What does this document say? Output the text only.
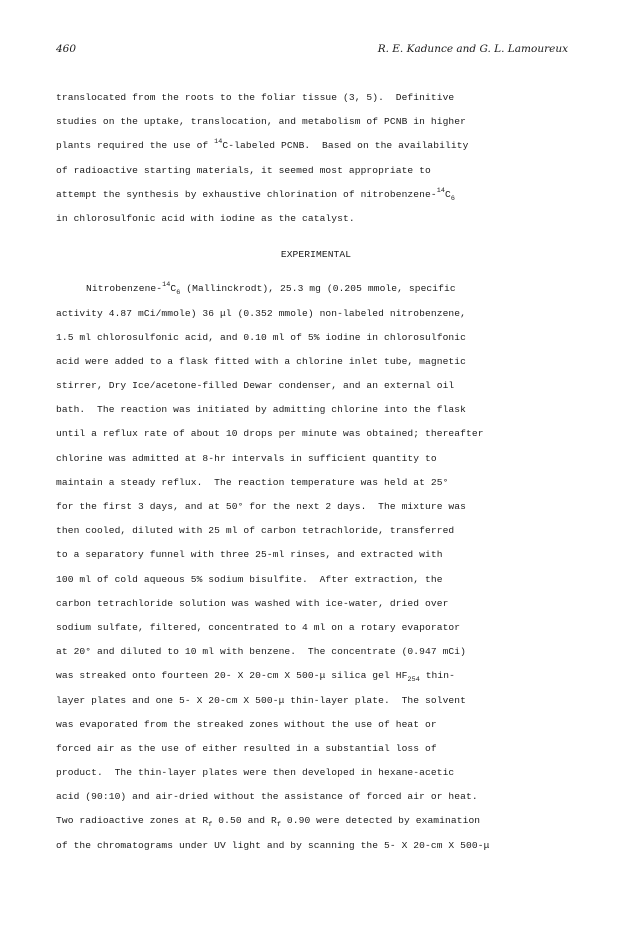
460	R. E. Kadunce and G. L. Lamoureux
translocated from the roots to the foliar tissue (3, 5).  Definitive
studies on the uptake, translocation, and metabolism of PCNB in higher
plants required the use of $^{14}$C-labeled PCNB.  Based on the availability
of radioactive starting materials, it seemed most appropriate to
attempt the synthesis by exhaustive chlorination of nitrobenzene-$^{14}C_6$
in chlorosulfonic acid with iodine as the catalyst.
EXPERIMENTAL
Nitrobenzene-$^{14}C_6$ (Mallinckrodt), 25.3 mg (0.205 mmole, specific
activity 4.87 mCi/mmole) 36 μl (0.352 mmole) non-labeled nitrobenzene,
1.5 ml chlorosulfonic acid, and 0.10 ml of 5% iodine in chlorosulfonic
acid were added to a flask fitted with a chlorine inlet tube, magnetic
stirrer, Dry Ice/acetone-filled Dewar condenser, and an external oil
bath.  The reaction was initiated by admitting chlorine into the flask
until a reflux rate of about 10 drops per minute was obtained; thereafter
chlorine was admitted at 8-hr intervals in sufficient quantity to
maintain a steady reflux.  The reaction temperature was held at 25°
for the first 3 days, and at 50° for the next 2 days.  The mixture was
then cooled, diluted with 25 ml of carbon tetrachloride, transferred
to a separatory funnel with three 25-ml rinses, and extracted with
100 ml of cold aqueous 5% sodium bisulfite.  After extraction, the
carbon tetrachloride solution was washed with ice-water, dried over
sodium sulfate, filtered, concentrated to 4 ml on a rotary evaporator
at 20° and diluted to 10 ml with benzene.  The concentrate (0.947 mCi)
was streaked onto fourteen 20- X 20-cm X 500-μ silica gel $HF_{254}$ thin-
layer plates and one 5- X 20-cm X 500-μ thin-layer plate.  The solvent
was evaporated from the streaked zones without the use of heat or
forced air as the use of either resulted in a substantial loss of
product.  The thin-layer plates were then developed in hexane-acetic
acid (90:10) and air-dried without the assistance of forced air or heat.
Two radioactive zones at $R_f$ 0.50 and $R_f$ 0.90 were detected by examination
of the chromatograms under UV light and by scanning the 5- X 20-cm X 500-μ
